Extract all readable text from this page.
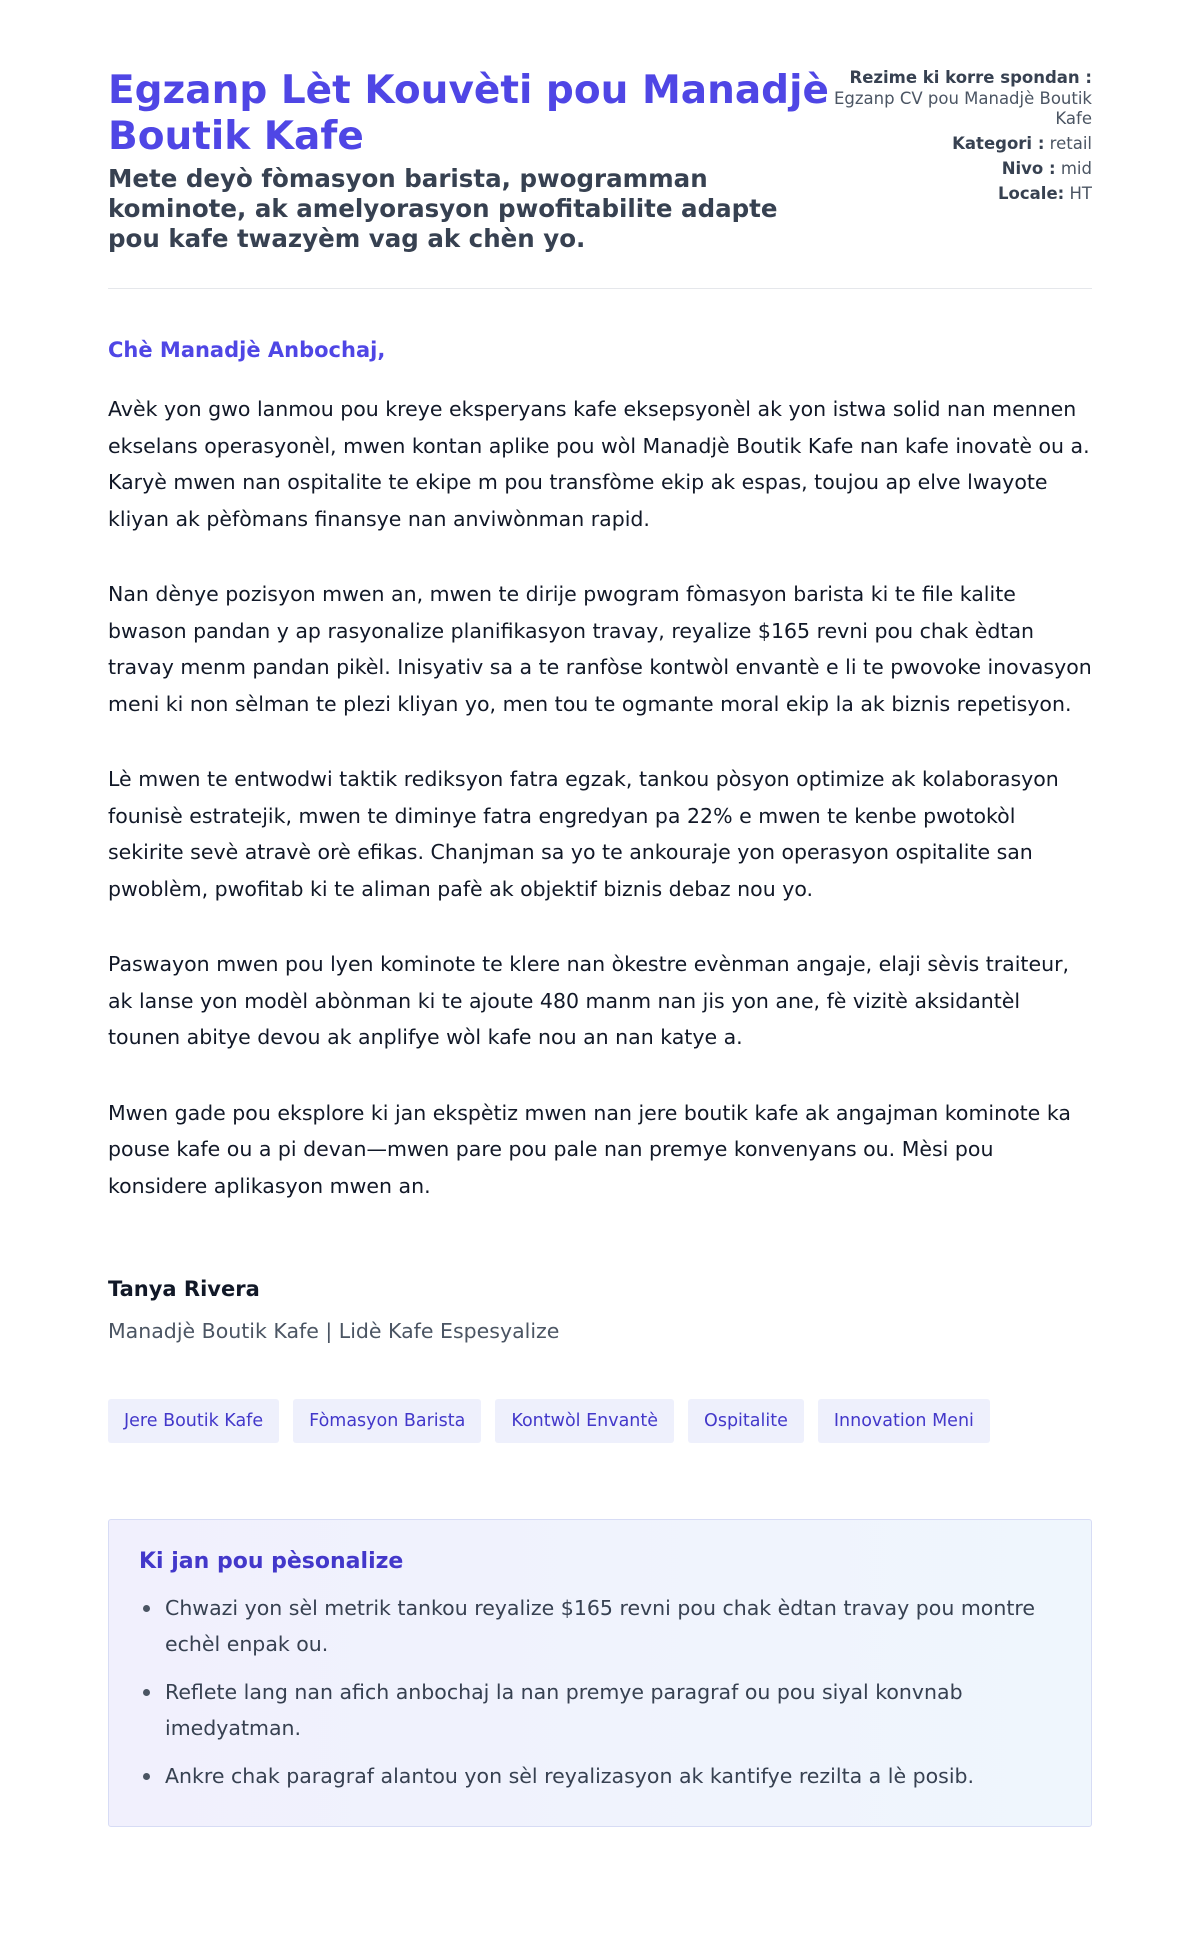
Egzanp Lèt Kouvèti pou Manadjè Boutik Kafe
Mete deyò fòmasyon barista, pwogramman kominote, ak amelyorasyon pwofitabilite adapte pou kafe twazyèm vag ak chèn yo.
Rezime ki korre spondan : Egzanp CV pou Manadjè Boutik Kafe
Kategori : retail
Nivo : mid
Locale: HT

Chè Manadjè Anbochaj,

Avèk yon gwo lanmou pou kreye eksperyans kafe eksepsyonèl ak yon istwa solid nan mennen ekselans operasyonèl, mwen kontan aplike pou wòl Manadjè Boutik Kafe nan kafe inovatè ou a. Karyè mwen nan ospitalite te ekipe m pou transfòme ekip ak espas, toujou ap elve lwayote kliyan ak pèfòmans finansye nan anviwònman rapid.

Nan dènye pozisyon mwen an, mwen te dirije pwogram fòmasyon barista ki te file kalite bwason pandan y ap rasyonalize planifikasyon travay, reyalize $165 revni pou chak èdtan travay menm pandan pikèl. Inisyativ sa a te ranfòse kontwòl envantè e li te pwovoke inovasyon meni ki non sèlman te plezi kliyan yo, men tou te ogmante moral ekip la ak biznis repetisyon.

Lè mwen te entwodwi taktik rediksyon fatra egzak, tankou pòsyon optimize ak kolaborasyon founisè estratejik, mwen te diminye fatra engredyan pa 22% e mwen te kenbe pwotokòl sekirite sevè atravè orè efikas. Chanjman sa yo te ankouraje yon operasyon ospitalite san pwoblèm, pwofitab ki te aliman pafè ak objektif biznis debaz nou yo.

Paswayon mwen pou lyen kominote te klere nan òkestre evènman angaje, elaji sèvis traiteur, ak lanse yon modèl abònman ki te ajoute 480 manm nan jis yon ane, fè vizitè aksidantèl tounen abitye devou ak anplifye wòl kafe nou an nan katye a.

Mwen gade pou eksplore ki jan ekspètiz mwen nan jere boutik kafe ak angajman kominote ka pouse kafe ou a pi devan—mwen pare pou pale nan premye konvenyans ou. Mèsi pou konsidere aplikasyon mwen an.

Tanya Rivera

Manadjè Boutik Kafe | Lidè Kafe Espesyalize

Jere Boutik Kafe	Fòmasyon Barista	Kontwòl Envantè	Ospitalite	Innovation Meni
Ki jan pou pèsonalize
Chwazi yon sèl metrik tankou reyalize $165 revni pou chak èdtan travay pou montre echèl enpak ou.
Reflete lang nan afich anbochaj la nan premye paragraf ou pou siyal konvnab imedyatman.
Ankre chak paragraf alantou yon sèl reyalizasyon ak kantifye rezilta a lè posib.
